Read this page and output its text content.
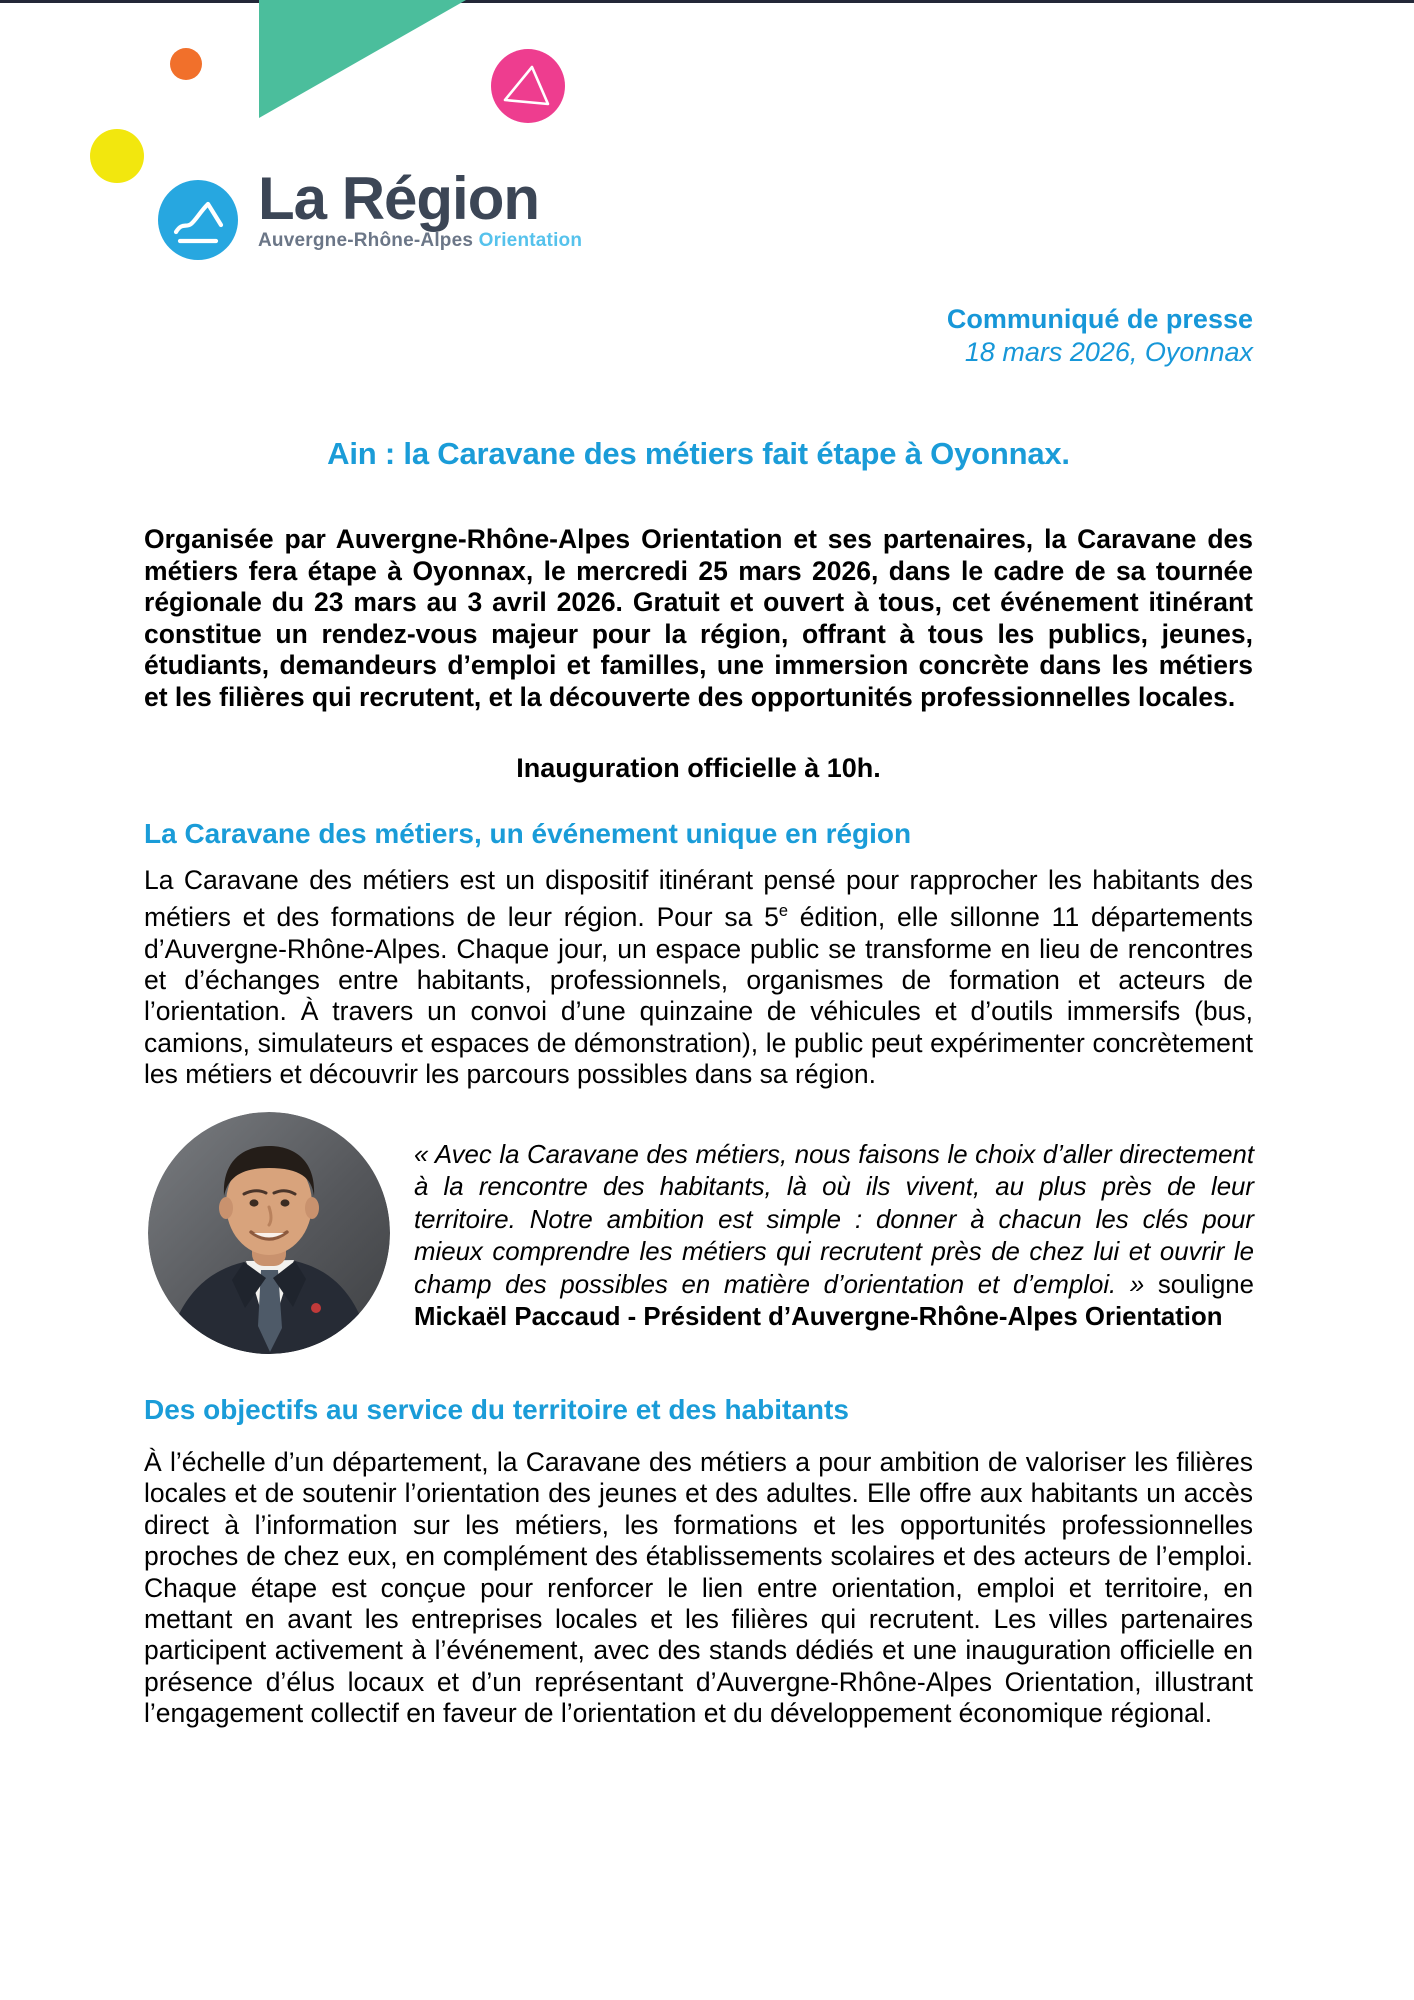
La Région
Auvergne-Rhône-Alpes Orientation
Communiqué de presse
18 mars 2026, Oyonnax
Ain : la Caravane des métiers fait étape à Oyonnax.
Organisée par Auvergne-Rhône-Alpes Orientation et ses partenaires, la Caravane des métiers fera étape à Oyonnax, le mercredi 25 mars 2026, dans le cadre de sa tournée régionale du 23 mars au 3 avril 2026. Gratuit et ouvert à tous, cet événement itinérant constitue un rendez-vous majeur pour la région, offrant à tous les publics, jeunes, étudiants, demandeurs d’emploi et familles, une immersion concrète dans les métiers et les filières qui recrutent, et la découverte des opportunités professionnelles locales.
Inauguration officielle à 10h.
La Caravane des métiers, un événement unique en région
La Caravane des métiers est un dispositif itinérant pensé pour rapprocher les habitants des métiers et des formations de leur région. Pour sa 5e édition, elle sillonne 11 départements d’Auvergne-Rhône-Alpes. Chaque jour, un espace public se transforme en lieu de rencontres et d’échanges entre habitants, professionnels, organismes de formation et acteurs de l’orientation. À travers un convoi d’une quinzaine de véhicules et d’outils immersifs (bus, camions, simulateurs et espaces de démonstration), le public peut expérimenter concrètement les métiers et découvrir les parcours possibles dans sa région.
« Avec la Caravane des métiers, nous faisons le choix d’aller directement à la rencontre des habitants, là où ils vivent, au plus près de leur territoire. Notre ambition est simple : donner à chacun les clés pour mieux comprendre les métiers qui recrutent près de chez lui et ouvrir le champ des possibles en matière d’orientation et d’emploi. » souligne Mickaël Paccaud - Président d’Auvergne-Rhône-Alpes Orientation
Des objectifs au service du territoire et des habitants
À l’échelle d’un département, la Caravane des métiers a pour ambition de valoriser les filières locales et de soutenir l’orientation des jeunes et des adultes. Elle offre aux habitants un accès direct à l’information sur les métiers, les formations et les opportunités professionnelles proches de chez eux, en complément des établissements scolaires et des acteurs de l’emploi. Chaque étape est conçue pour renforcer le lien entre orientation, emploi et territoire, en mettant en avant les entreprises locales et les filières qui recrutent. Les villes partenaires participent activement à l’événement, avec des stands dédiés et une inauguration officielle en présence d’élus locaux et d’un représentant d’Auvergne-Rhône-Alpes Orientation, illustrant l’engagement collectif en faveur de l’orientation et du développement économique régional.
